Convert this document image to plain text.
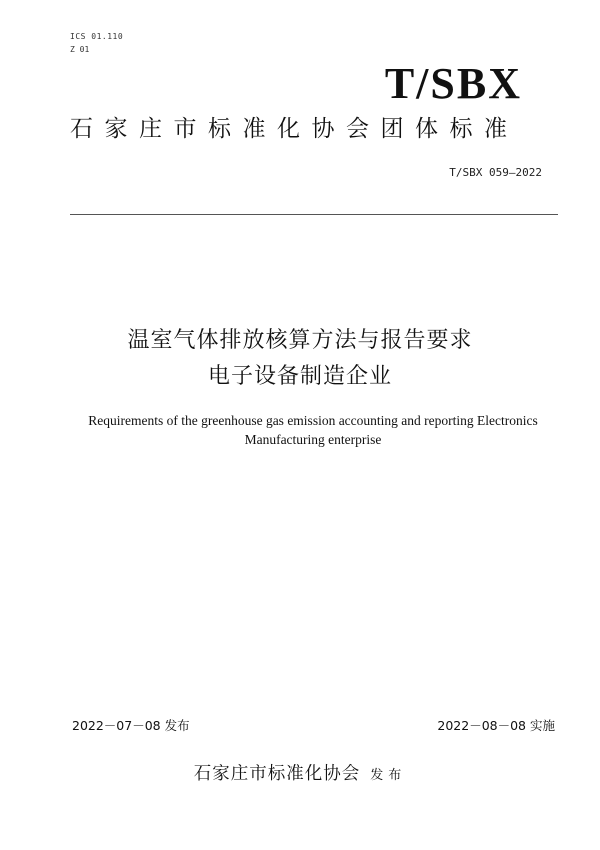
ICS 01.110
Z 01
T/SBX
石家庄市标准化协会团体标准
T/SBX 059—2022
温室气体排放核算方法与报告要求
电子设备制造企业
Requirements of the greenhouse gas emission accounting and reporting Electronics
Manufacturing enterprise
2022－07－08 发布	2022－08－08 实施
石家庄市标准化协会 发布
